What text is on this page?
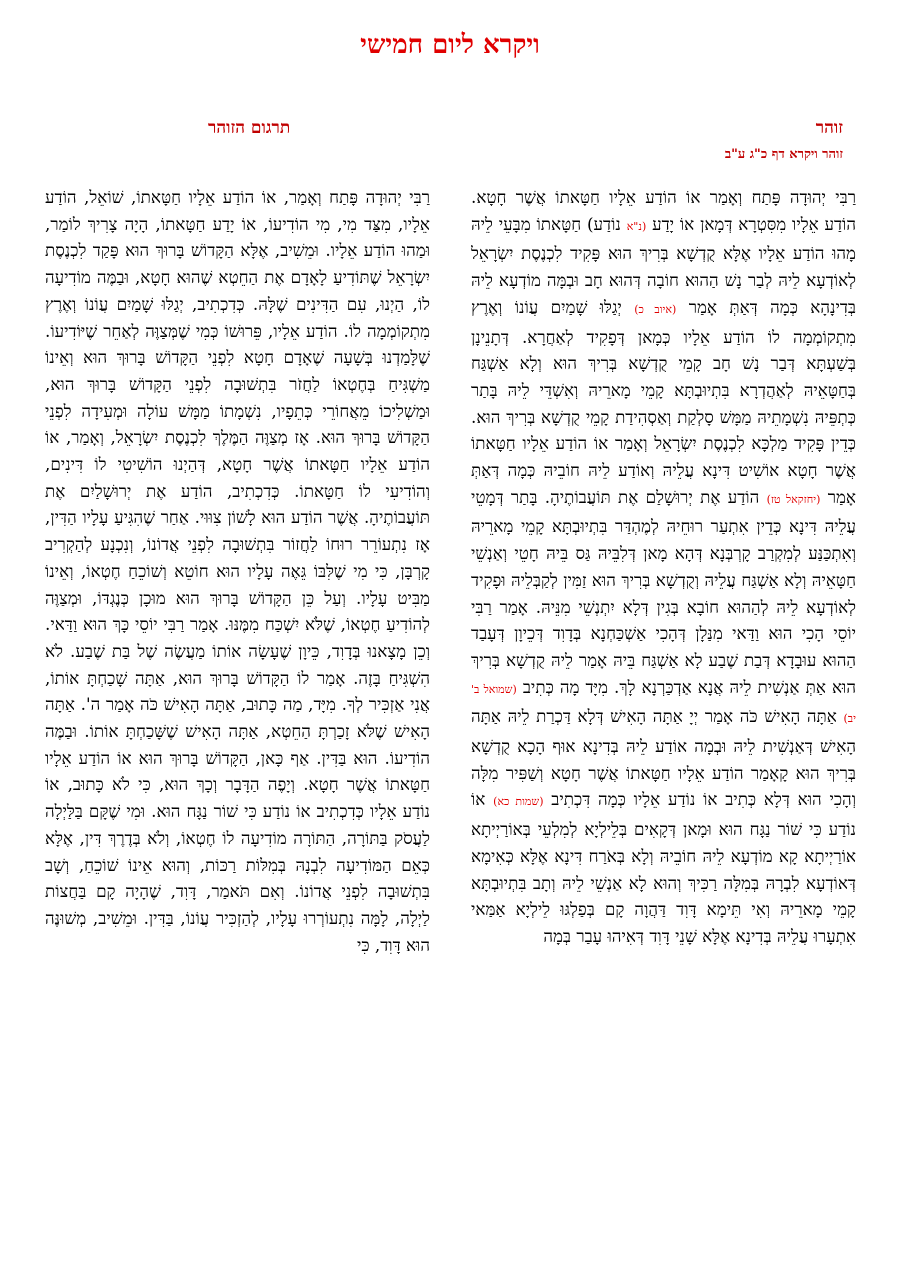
ויקרא ליום חמישי
זוהר
תרגום הזוהר
זוהר ויקרא דף כ"ג ע"ב
רַבִּי יְהוּדָה פָּתַח וְאָמַר אוֹ הוֹדַע אֵלָיו חַטָּאתוֹ אֲשֶׁר חָטָא. הוֹדַע אֵלָיו מִסִּטְרָא דְּמָאן אוֹ יָדַע (נ"א נוֹדַע) חַטָּאתוֹ מִבָּעֵי לֵיהּ מָהוּ הוֹדַע אֵלָיו אֶלָּא קֻדְשָׁא בְּרִיךְ הוּא פָּקִיד לִכְנֶסֶת יִשְׂרָאֵל לְאוֹדְעָא לֵיהּ לְבַר נָשׁ הַהוּא חוֹבָה דְּהוּא חָב וּבְמָּה מוֹדְעָא לֵיהּ בְּדִינָהָא כְּמָה דְּאַתְּ אָמַר (איוב כ) יְגַלּוּ שָׁמַיִם עֲוֹנוֹ וְאֶרֶץ מִתְקוֹמְמָה לוֹ הוֹדַע אֵלָיו כְּמָאן דְּפָקִיד לְאַחֲרָא. דְּתָנֵינָן בְּשַׁעְתָּא דְּבַר נָשׁ חָב קָמֵי קֻדְשָׁא בְּרִיךְ הוּא וְלָא אַשְׁגַּח בְּחַטָּאֵיהּ לְאַהֲדְרָא בִּתְיוּבְתָּא קָמֵי מָארֵיהּ וְאִשְׁדֵּי לֵיהּ בָּתַר כְּתְפֵּיהּ נִשְׁמָתֵיהּ מַמָּשׁ סָלְקַת וְאַסְהִידַת קָמֵי קֻדְשָׁא בְּרִיךְ הוּא. כְּדֵין פָּקִיד מַלְכָּא לִכְנֶסֶת יִשְׂרָאֵל וְאָמַר אוֹ הוֹדַע אֵלָיו חַטָּאתוֹ אֲשֶׁר חָטָא אוֹשִׁיט דִּינָא עֲלֵיהּ וְאוֹדַע לֵיהּ חוֹבֵיהּ כְּמָה דְּאַתְּ אָמַר (יחזקאל טז) הוֹדַע אֶת יְרוּשָׁלַם אֶת תּוֹעֲבוֹתֶיהָ. בָּתַר דְּמָטֵי עֲלֵיהּ דִּינָא כְּדֵין אִתְעַר רוּחֵיהּ לְמֶהְדַּר בִּתְיוּבְתָּא קָמֵי מָארֵיהּ וְאִתְכַּנַּע לְמִקְרַב קָרְבְּנָא דְּהָא מָאן דְּלִבֵּיהּ גַּס בֵּיהּ חָטֵי וְאַנְשֵׁי חַטָּאֵיהּ וְלָא אַשְׁגַּח עֲלֵיהּ וְקֻדְשָׁא בְּרִיךְ הוּא זַמִּין לְקַבְּלֵיהּ וּפָקִיד לְאוֹדְעָא לֵיהּ לְהַהוּא חוֹבָא בְּגִין דְּלָא יִתְנְשֵׁי מִנֵּיהּ. אָמַר רַבִּי יוֹסֵי הָכִי הוּא וַדַּאי מִנַּלָן דְּהָכִי אַשְׁכַּחְנָא בְּדָוִד דְּכֵיוָן דְּעָבַד הַהוּא עוּבָדָא דְּבַת שֶׁבַע לָא אַשְׁגַּח בֵּיהּ אָמַר לֵיהּ קֻדְשָׁא בְּרִיךְ הוּא אַתְּ אַנְשִׁית לֵיהּ אֲנָא אַדְכַּרְנָא לָךְ. מִיָּד מָה כְּתִיב (שמואל ב' יב) אַתָּה הָאִישׁ כֹּה אָמַר יְיָ אַתָּה הָאִישׁ דְּלָא דַּכְרַת לֵיהּ אַתָּה הָאִישׁ דְּאַנְשִׁית לֵיהּ וּבְמָה אוֹדַע לֵיהּ בְּדִינָא אוּף הָכָא קֻדְשָׁא בְּרִיךְ הוּא קָאָמַר הוֹדַע אֵלָיו חַטָּאתוֹ אֲשֶׁר חָטָא וְשַׁפִּיר מִלָּה וְהָכִי הוּא דְּלָא כְּתִיב אוֹ נוֹדַע אֵלָיו כְּמָה דִּכְתִיב (שמות כא) אוֹ נוֹדַע כִּי שׁוֹר נַגָּח הוּא וּמָאן דְּקָאִים בְּלֵילְיָא לְמִלְעֵי בְּאוֹרַיְיתָא אוֹרַיְיתָא קָא מוֹדְעָא לֵיהּ חוֹבֵיהּ וְלָא בְּאֹרַח דִּינָא אֶלָּא כְּאִימָא דְּאוֹדְעָא לִבְרָהּ בְּמִלָּה רַכִּיךְ וְהוּא לָא אַנְשֵׁי לֵיהּ וְתָב בִּתְיוּבְתָּא קָמֵי מָארֵיהּ וְאִי תֵּימָא דָּוִד דַּהֲוָה קָם בְּפַלְגּוּ לֵילְיָא אַמַּאי אִתְעָרוּ עֲלֵיהּ בְּדִינָא אֶלָּא שָׁנֵי דָּוִד דְּאִיהוּ עָבַר בְּמָה
רַבִּי יְהוּדָה פָּתַח וְאָמַר, אוֹ הוֹדַע אֵלָיו חַטָּאתוֹ, שׁוֹאֵל, הוֹדַע אֵלָיו, מִצַּד מִי, מִי הוֹדִיעוֹ, אוֹ יָדַע חַטָּאתוֹ, הָיָה צָרִיךְ לוֹמַר, וּמַהוּ הוֹדַע אֵלָיו. וּמֵשִׁיב, אֶלָּא הַקָּדוֹשׁ בָּרוּךְ הוּא פָּקַד לִכְנֶסֶת יִשְׂרָאֵל שֶׁתּוֹדִיעַ לָאָדָם אֶת הַחֵטְא שֶׁהוּא חָטָא, וּבַמֶּה מוֹדִיעָה לוֹ, הַיְנוּ, עִם הַדִּינִים שֶׁלָּהּ. כְּדִכְתִיב, יְגַלּוּ שָׁמַיִם עֲוֹנוֹ וְאֶרֶץ מִתְקוֹמְמָה לוֹ. הוֹדַע אֵלָיו, פֵּרוּשׁוֹ כְּמִי שֶׁמְּצַוֶּה לְאַחֵר שֶׁיּוֹדִיעוֹ. שֶׁלָּמַדְנוּ בְּשָׁעָה שֶׁאָדָם חָטָא לִפְנֵי הַקָּדוֹשׁ בָּרוּךְ הוּא וְאֵינוֹ מַשְׁגִּיחַ בְּחֶטְאוֹ לַחֲזֹר בִּתְשׁוּבָה לִפְנֵי הַקָּדוֹשׁ בָּרוּךְ הוּא, וּמַשְׁלִיכוֹ מֵאֲחוֹרֵי כְּתֵפָיו, נִשְׁמָתוֹ מַמָּשׁ עוֹלָה וּמְעִידָה לִפְנֵי הַקָּדוֹשׁ בָּרוּךְ הוּא. אָז מְצַוֶּה הַמֶּלֶךְ לִכְנֶסֶת יִשְׂרָאֵל, וְאָמַר, אוֹ הוֹדַע אֵלָיו חַטָּאתוֹ אֲשֶׁר חָטָא, דְּהַיְנוּ הוֹשִׁיטִי לוֹ דִּינִים, וְהוֹדִיעִי לוֹ חַטָּאתוֹ. כְּדִכְתִיב, הוֹדַע אֶת יְרוּשָׁלַיִם אֶת תּוֹעֲבוֹתֶיהָ. אֲשֶׁר הוֹדַע הוּא לָשׁוֹן צִוּוּי. אַחַר שֶׁהִגִּיעַ עָלָיו הַדִּין, אָז נִתְעוֹרֵר רוּחוֹ לַחֲזוֹר בִּתְשׁוּבָה לִפְנֵי אֲדוֹנוֹ, וְנִכְנָע לְהַקְרִיב קָרְבָּן, כִּי מִי שֶׁלִּבּוֹ גֵּאֶה עָלָיו הוּא חוֹטֵא וְשׁוֹכֵחַ חֶטְאוֹ, וְאֵינוֹ מַבִּיט עָלָיו. וְעַל כֵּן הַקָּדוֹשׁ בָּרוּךְ הוּא מוּכָן כְּנֶגְדּוֹ, וּמְצַוֶּה לְהוֹדִיעַ חֶטְאוֹ, שֶׁלֹּא יִשְׁכַּח מִמֶּנּוּ. אָמַר רַבִּי יוֹסֵי כָּךְ הוּא וַדַּאי. וְכֵן מָצָאנוּ בְּדָוִד, כֵּיוָן שֶׁעָשָׂה אוֹתוֹ מַעֲשֶׂה שֶׁל בַּת שֶׁבַע. לֹא הִשְׁגִּיחַ בָּזֶה. אָמַר לוֹ הַקָּדוֹשׁ בָּרוּךְ הוּא, אַתָּה שָׁכַחְתָּ אוֹתוֹ, אֲנִי אַזְכִּיר לְךָ. מִיָּד, מַה כָּתוּב, אַתָּה הָאִישׁ כֹּה אָמַר ה'. אַתָּה הָאִישׁ שֶׁלֹּא זָכַרְתָּ הַחֵטְא, אַתָּה הָאִישׁ שֶׁשָּׁכַחְתָּ אוֹתוֹ. וּבַמֶּה הוֹדִיעוֹ. הוּא בַּדִּין. אַף כָּאן, הַקָּדוֹשׁ בָּרוּךְ הוּא אוֹ הוֹדַע אֵלָיו חַטָּאתוֹ אֲשֶׁר חָטָא. וְיָפֶה הַדָּבָר וְכָךְ הוּא, כִּי לֹא כָּתוּב, אוֹ נוֹדַע אֵלָיו כְּדִכְתִיב אוֹ נוֹדַע כִּי שׁוֹר נַגָּח הוּא. וּמִי שֶׁקָּם בַּלַּיְלָה לַעֲסֹק בַּתּוֹרָה, הַתּוֹרָה מוֹדִיעָה לוֹ חֶטְאוֹ, וְלֹא בְּדֶרֶךְ דִּין, אֶלָּא כְּאֵם הַמּוֹדִיעָה לִבְנָהּ בְּמִלּוֹת רַכּוֹת, וְהוּא אֵינוֹ שׁוֹכֵחַ, וְשָׁב בִּתְשׁוּבָה לִפְנֵי אֲדוֹנוֹ. וְאִם תֹּאמַר, דָּוִד, שֶׁהָיָה קָם בַּחֲצוֹת לַיְלָה, לָמָּה נִתְעוֹרְרוּ עָלָיו, לְהַזְכִּיר עֲוֹנוֹ, בַּדִּין. וּמֵשִׁיב, מְשׁוּנֶּה הוּא דָּוִד, כִּי
